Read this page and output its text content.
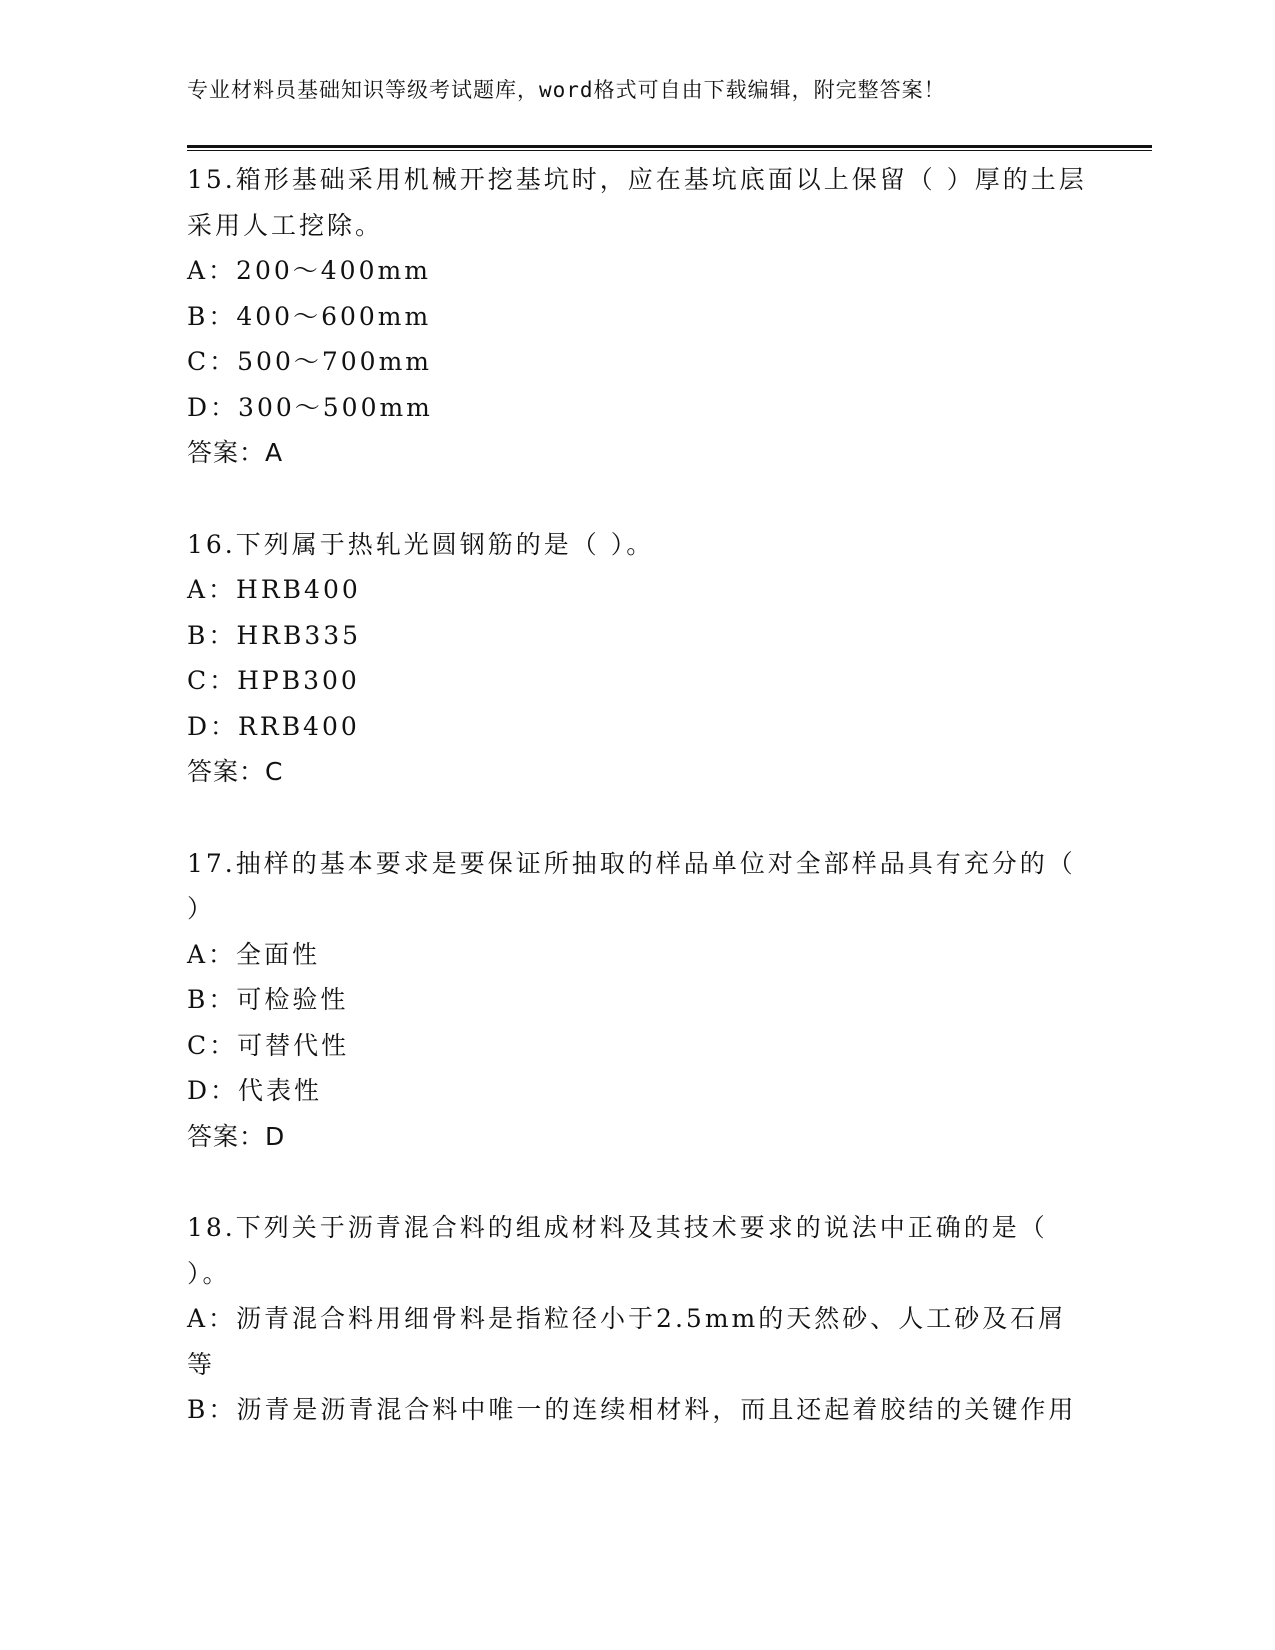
专业材料员基础知识等级考试题库，word格式可自由下载编辑，附完整答案！

15.箱形基础采用机械开挖基坑时，应在基坑底面以上保留（ ）厚的土层采用人工挖除。

A：200～400mm

B：400～600mm

C：500～700mm

D：300～500mm

答案：A

16.下列属于热轧光圆钢筋的是（ ）。

A：HRB400

B：HRB335

C：HPB300

D：RRB400

答案：C

17.抽样的基本要求是要保证所抽取的样品单位对全部样品具有充分的（ ）

A：全面性

B：可检验性

C：可替代性

D：代表性

答案：D

18.下列关于沥青混合料的组成材料及其技术要求的说法中正确的是（ ）。

A：沥青混合料用细骨料是指粒径小于2.5mm的天然砂、人工砂及石屑等

B：沥青是沥青混合料中唯一的连续相材料，而且还起着胶结的关键作用
